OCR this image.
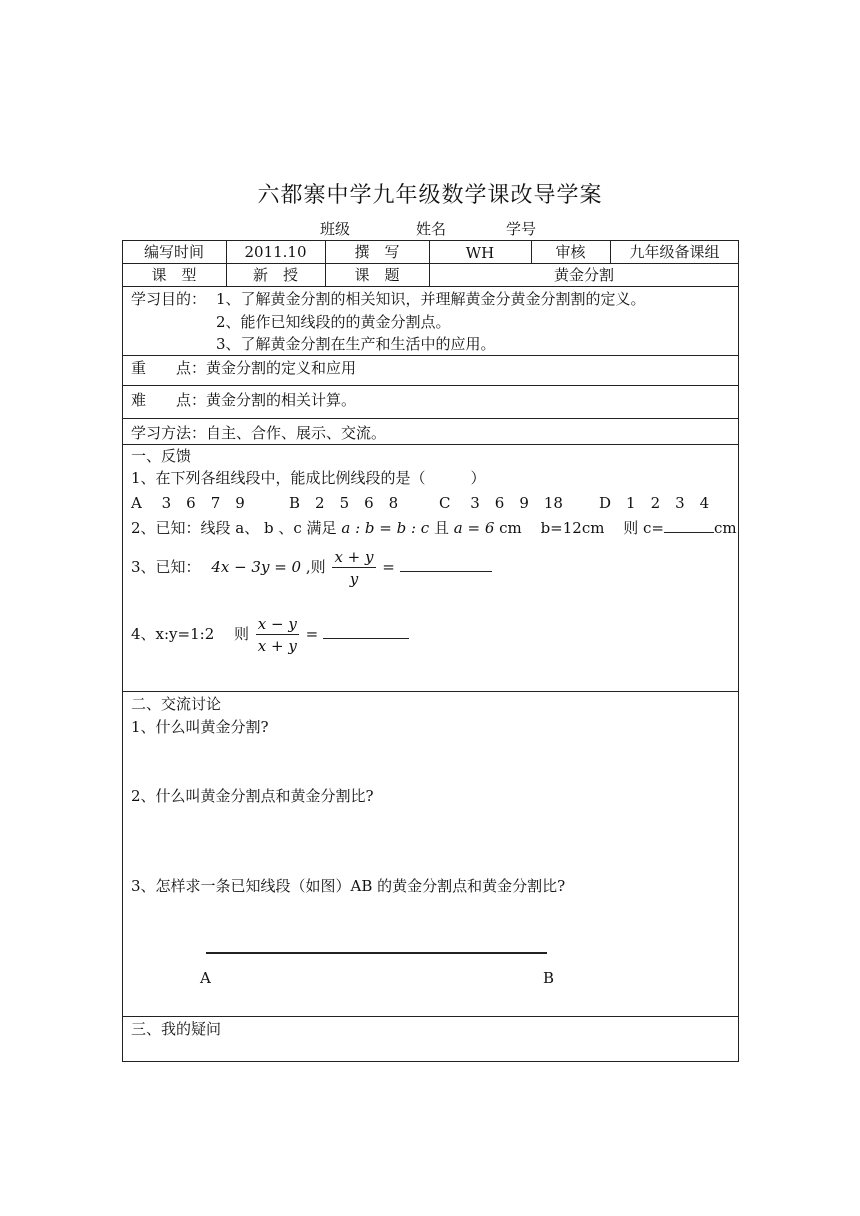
六都寨中学九年级数学课改导学案
班级	姓名	学号
编写时间	2011.10	撰　写	WH	审核	九年级备课组
课　型	新　授	课　题	黄金分割
学习目的： 1、了解黄金分割的相关知识，并理解黄金分黄金分割割的定义。
2、能作已知线段的的黄金分割点。
3、了解黄金分割在生产和生活中的应用。
重　　点：黄金分割的定义和应用
难　　点：黄金分割的相关计算。
学习方法：自主、合作、展示、交流。
一、反馈
1、在下列各组线段中，能成比例线段的是（　　　）
A　 3　6　7　9	B　2　5　6　8	C　 3　6　9　18 D　1　2　3　4
2、已知：线段 a、 b 、c 满足 a : b = b : c 且 a = 6 cm b=12cm 则 c=	cm
3、已知： 4x − 3y = 0 ,则 $\frac{x + y}{y}$ =
4、x:y=1:2　 则 $\frac{x - y}{x + y}$ =
二、交流讨论
1、什么叫黄金分割?
2、什么叫黄金分割点和黄金分割比?
3、怎样求一条已知线段（如图）AB 的黄金分割点和黄金分割比?
A	B
三、我的疑问
